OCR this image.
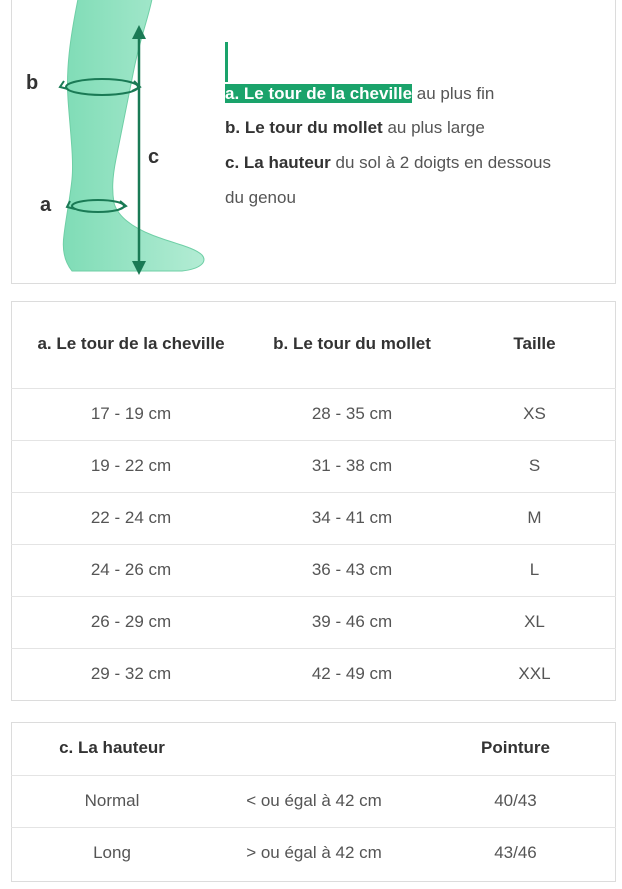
b
c
a
a. Le tour de la cheville au plus fin
b. Le tour du mollet au plus large
c. La hauteur du sol à 2 doigts en dessous
du genou
a. Le tour de la cheville	b. Le tour du mollet	Taille
17 - 19 cm	28 - 35 cm	XS
19 - 22 cm	31 - 38 cm	S
22 - 24 cm	34 - 41 cm	M
24 - 26 cm	36 - 43 cm	L
26 - 29 cm	39 - 46 cm	XL
29 - 32 cm	42 - 49 cm	XXL
c. La hauteur		Pointure
Normal	< ou égal à 42 cm	40/43
Long	> ou égal à 42 cm	43/46
